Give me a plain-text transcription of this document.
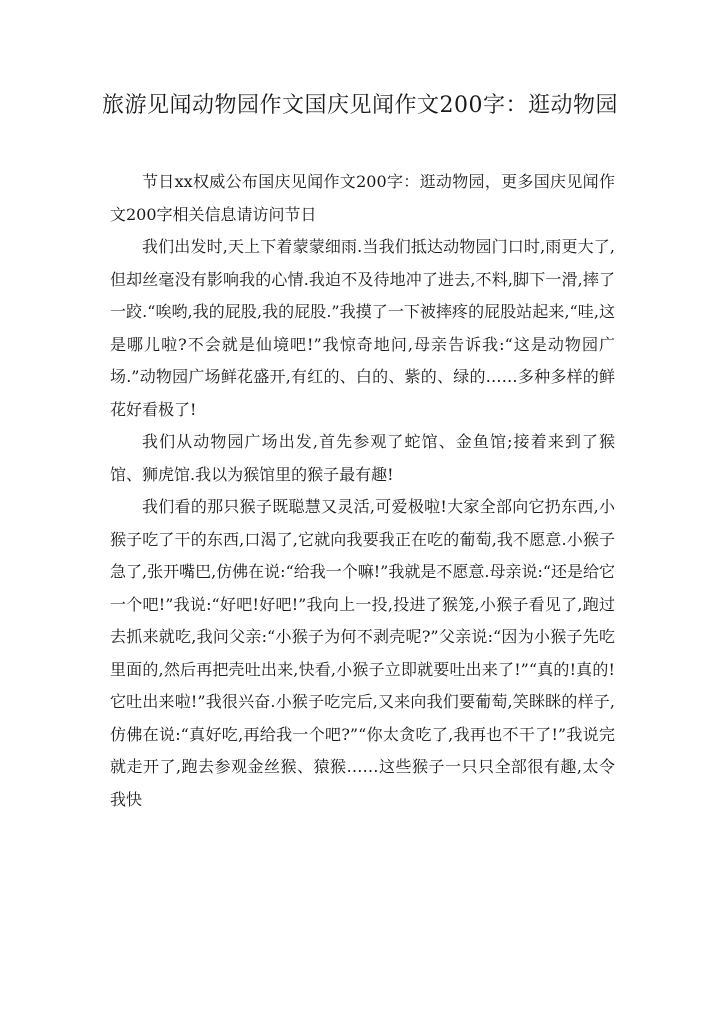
旅游见闻动物园作文国庆见闻作文200字：逛动物园

节日xx权威公布国庆见闻作文200字：逛动物园，更多国庆见闻作文200字相关信息请访问节日

我们出发时,天上下着蒙蒙细雨.当我们抵达动物园门口时,雨更大了,但却丝毫没有影响我的心情.我迫不及待地冲了进去,不料,脚下一滑,摔了一跤.“唉哟,我的屁股,我的屁股.”我摸了一下被摔疼的屁股站起来,“哇,这是哪儿啦?不会就是仙境吧!”我惊奇地问,母亲告诉我:“这是动物园广场.”动物园广场鲜花盛开,有红的、白的、紫的、绿的……多种多样的鲜花好看极了!

我们从动物园广场出发,首先参观了蛇馆、金鱼馆;接着来到了猴馆、狮虎馆.我以为猴馆里的猴子最有趣!

我们看的那只猴子既聪慧又灵活,可爱极啦!大家全部向它扔东西,小猴子吃了干的东西,口渴了,它就向我要我正在吃的葡萄,我不愿意.小猴子急了,张开嘴巴,仿佛在说:“给我一个嘛!”我就是不愿意.母亲说:“还是给它一个吧!”我说:“好吧!好吧!”我向上一投,投进了猴笼,小猴子看见了,跑过去抓来就吃,我问父亲:“小猴子为何不剥壳呢?”父亲说:“因为小猴子先吃里面的,然后再把壳吐出来,快看,小猴子立即就要吐出来了!”“真的!真的!它吐出来啦!”我很兴奋.小猴子吃完后,又来向我们要葡萄,笑眯眯的样子,仿佛在说:“真好吃,再给我一个吧?”“你太贪吃了,我再也不干了!”我说完就走开了,跑去参观金丝猴、猿猴……这些猴子一只只全部很有趣,太令我快
